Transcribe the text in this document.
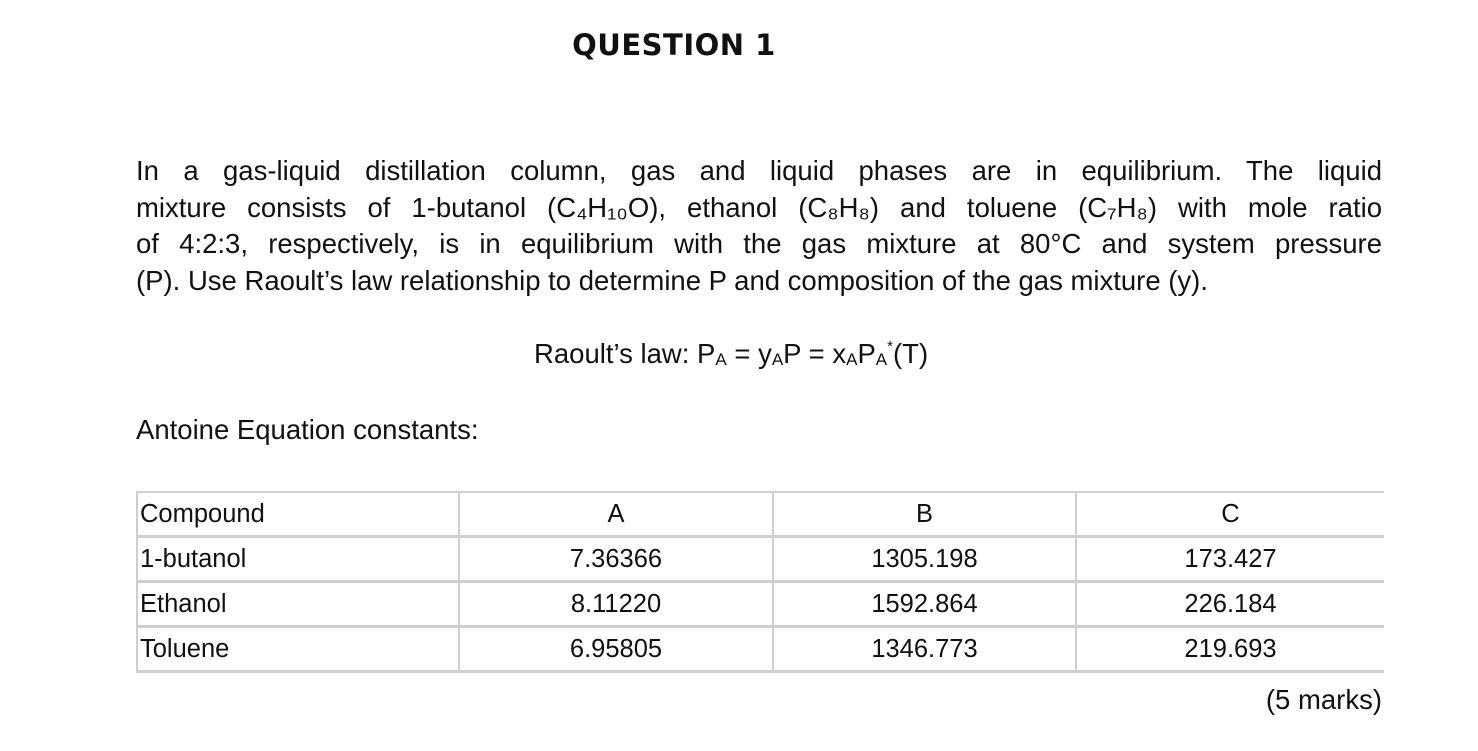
QUESTION 1
In a gas-liquid distillation column, gas and liquid phases are in equilibrium. The liquid
mixture consists of 1-butanol (C₄H₁₀O), ethanol (C₈H₈) and toluene (C₇H₈) with mole ratio
of 4:2:3, respectively, is in equilibrium with the gas mixture at 80°C and system pressure
(P). Use Raoult’s law relationship to determine P and composition of the gas mixture (y).
Raoult’s law: $P_A = y_AP = x_AP_A^*(T)$
Antoine Equation constants:
Compound	A	B	C
1-butanol	7.36366	1305.198	173.427
Ethanol	8.11220	1592.864	226.184
Toluene	6.95805	1346.773	219.693
(5 marks)
